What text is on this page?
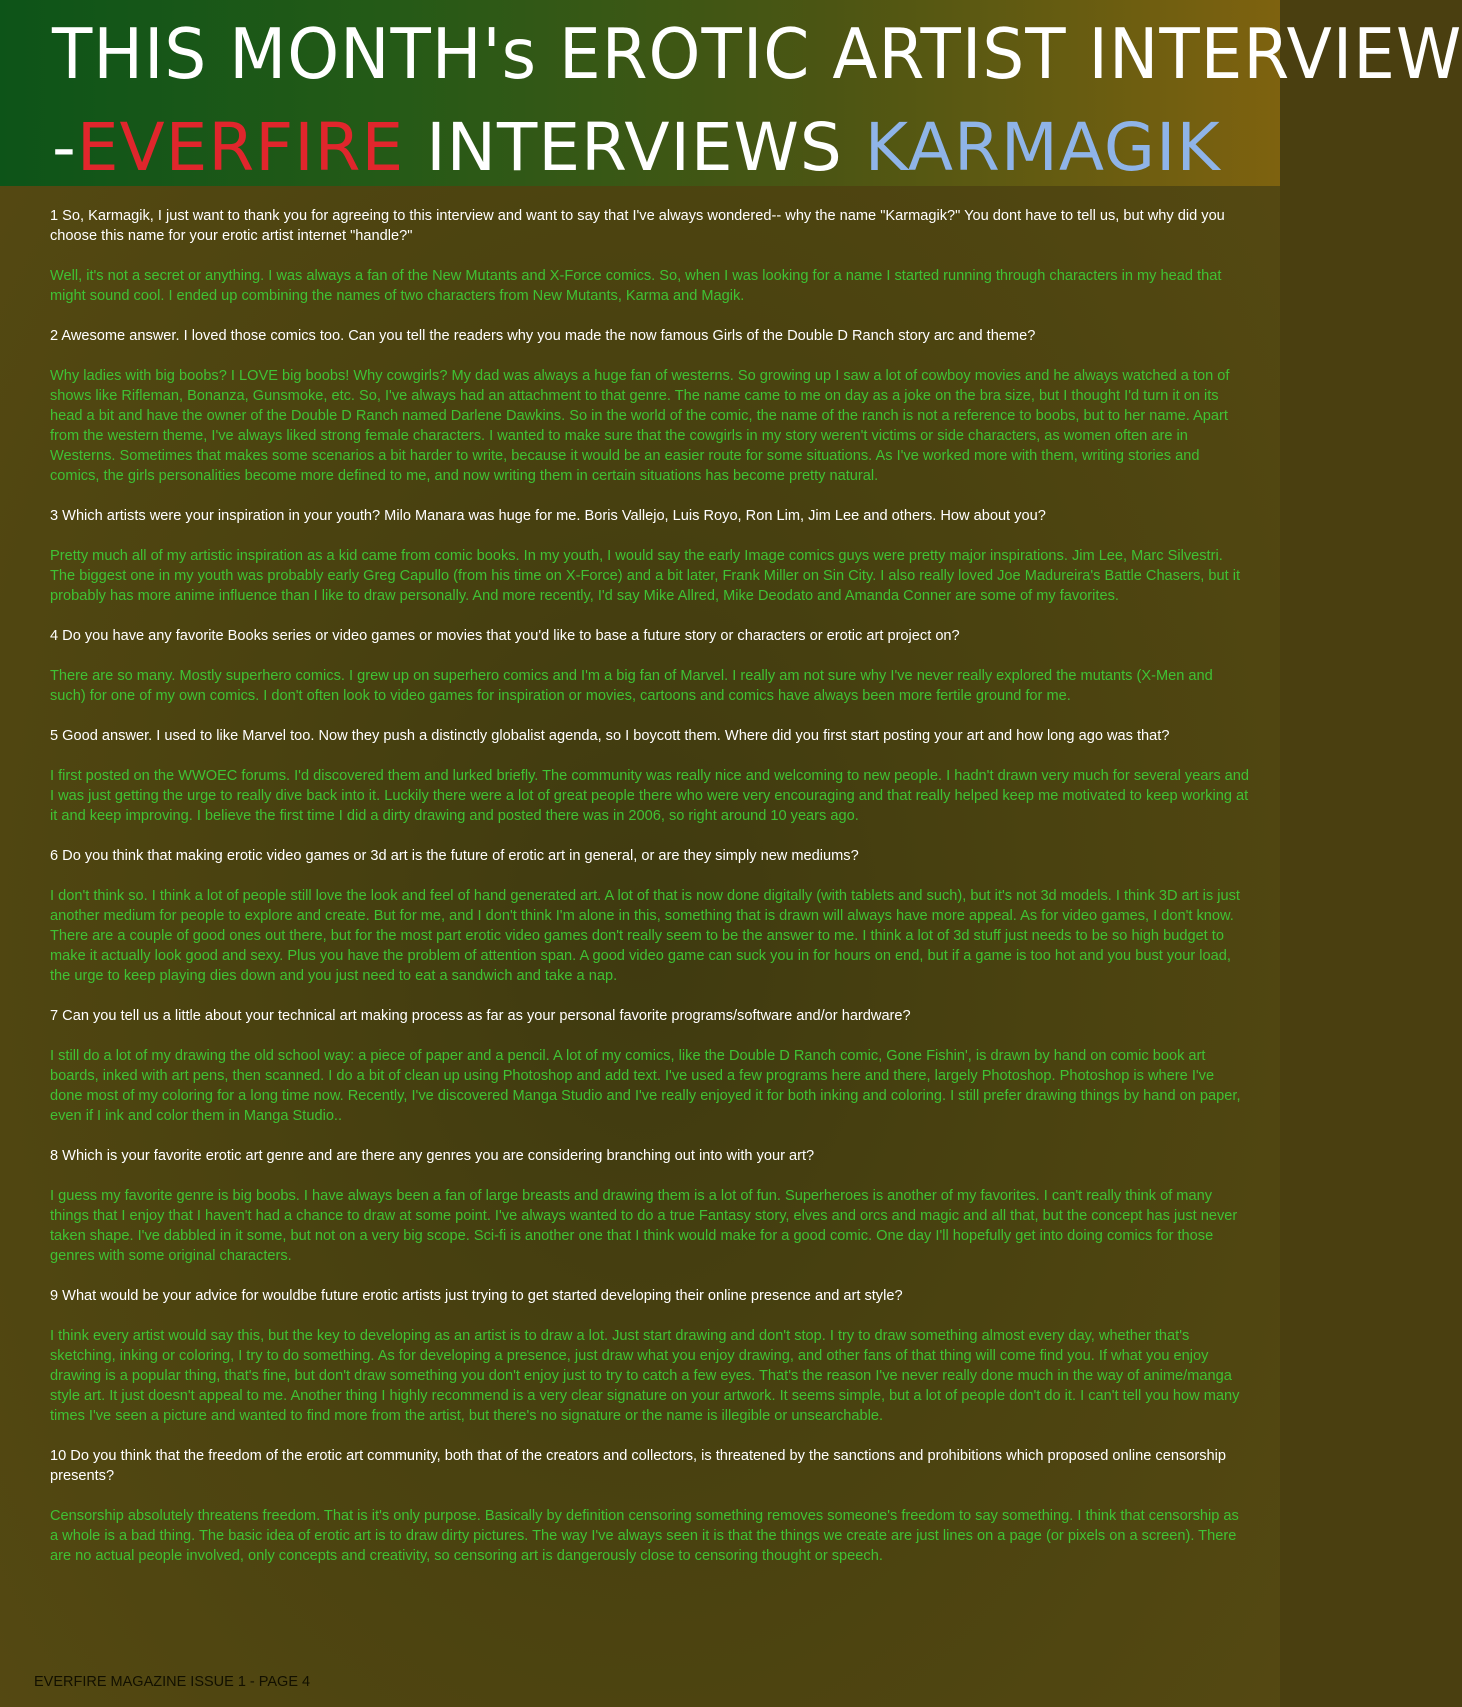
THIS MONTH's EROTIC ARTIST INTERVIEW
-EVERFIRE INTERVIEWS KARMAGIK

1 So, Karmagik, I just want to thank you for agreeing to this interview and want to say that I've always wondered-- why the name "Karmagik?" You dont have to tell us, but why did you choose this name for your erotic artist internet "handle?"

Well, it's not a secret or anything. I was always a fan of the New Mutants and X-Force comics. So, when I was looking for a name I started running through characters in my head that might sound cool. I ended up combining the names of two characters from New Mutants, Karma and Magik.

2 Awesome answer. I loved those comics too. Can you tell the readers why you made the now famous Girls of the Double D Ranch story arc and theme?

Why ladies with big boobs? I LOVE big boobs! Why cowgirls? My dad was always a huge fan of westerns. So growing up I saw a lot of cowboy movies and he always watched a ton of shows like Rifleman, Bonanza, Gunsmoke, etc. So, I've always had an attachment to that genre. The name came to me on day as a joke on the bra size, but I thought I'd turn it on its head a bit and have the owner of the Double D Ranch named Darlene Dawkins. So in the world of the comic, the name of the ranch is not a reference to boobs, but to her name. Apart from the western theme, I've always liked strong female characters. I wanted to make sure that the cowgirls in my story weren't victims or side characters, as women often are in Westerns. Sometimes that makes some scenarios a bit harder to write, because it would be an easier route for some situations. As I've worked more with them, writing stories and comics, the girls personalities become more defined to me, and now writing them in certain situations has become pretty natural.

3 Which artists were your inspiration in your youth? Milo Manara was huge for me. Boris Vallejo, Luis Royo, Ron Lim, Jim Lee and others. How about you?

Pretty much all of my artistic inspiration as a kid came from comic books. In my youth, I would say the early Image comics guys were pretty major inspirations. Jim Lee, Marc Silvestri. The biggest one in my youth was probably early Greg Capullo (from his time on X-Force) and a bit later, Frank Miller on Sin City. I also really loved Joe Madureira's Battle Chasers, but it probably has more anime influence than I like to draw personally. And more recently, I'd say Mike Allred, Mike Deodato and Amanda Conner are some of my favorites.

4 Do you have any favorite Books series or video games or movies that you'd like to base a future story or characters or erotic art project on?

There are so many. Mostly superhero comics. I grew up on superhero comics and I'm a big fan of Marvel. I really am not sure why I've never really explored the mutants (X-Men and such) for one of my own comics. I don't often look to video games for inspiration or movies, cartoons and comics have always been more fertile ground for me.

5 Good answer. I used to like Marvel too. Now they push a distinctly globalist agenda, so I boycott them. Where did you first start posting your art and how long ago was that?

I first posted on the WWOEC forums. I'd discovered them and lurked briefly. The community was really nice and welcoming to new people. I hadn't drawn very much for several years and I was just getting the urge to really dive back into it. Luckily there were a lot of great people there who were very encouraging and that really helped keep me motivated to keep working at it and keep improving. I believe the first time I did a dirty drawing and posted there was in 2006, so right around 10 years ago.

6 Do you think that making erotic video games or 3d art is the future of erotic art in general, or are they simply new mediums?

I don't think so. I think a lot of people still love the look and feel of hand generated art. A lot of that is now done digitally (with tablets and such), but it's not 3d models. I think 3D art is just another medium for people to explore and create. But for me, and I don't think I'm alone in this, something that is drawn will always have more appeal. As for video games, I don't know. There are a couple of good ones out there, but for the most part erotic video games don't really seem to be the answer to me. I think a lot of 3d stuff just needs to be so high budget to make it actually look good and sexy. Plus you have the problem of attention span. A good video game can suck you in for hours on end, but if a game is too hot and you bust your load, the urge to keep playing dies down and you just need to eat a sandwich and take a nap.

7 Can you tell us a little about your technical art making process as far as your personal favorite programs/software and/or hardware?

I still do a lot of my drawing the old school way: a piece of paper and a pencil. A lot of my comics, like the Double D Ranch comic, Gone Fishin', is drawn by hand on comic book art boards, inked with art pens, then scanned. I do a bit of clean up using Photoshop and add text. I've used a few programs here and there, largely Photoshop. Photoshop is where I've done most of my coloring for a long time now. Recently, I've discovered Manga Studio and I've really enjoyed it for both inking and coloring. I still prefer drawing things by hand on paper, even if I ink and color them in Manga Studio..

8 Which is your favorite erotic art genre and are there any genres you are considering branching out into with your art?

I guess my favorite genre is big boobs. I have always been a fan of large breasts and drawing them is a lot of fun. Superheroes is another of my favorites. I can't really think of many things that I enjoy that I haven't had a chance to draw at some point. I've always wanted to do a true Fantasy story, elves and orcs and magic and all that, but the concept has just never taken shape. I've dabbled in it some, but not on a very big scope. Sci-fi is another one that I think would make for a good comic. One day I'll hopefully get into doing comics for those genres with some original characters.

9 What would be your advice for wouldbe future erotic artists just trying to get started developing their online presence and art style?

I think every artist would say this, but the key to developing as an artist is to draw a lot. Just start drawing and don't stop. I try to draw something almost every day, whether that's sketching, inking or coloring, I try to do something. As for developing a presence, just draw what you enjoy drawing, and other fans of that thing will come find you. If what you enjoy drawing is a popular thing, that's fine, but don't draw something you don't enjoy just to try to catch a few eyes. That's the reason I've never really done much in the way of anime/manga style art. It just doesn't appeal to me. Another thing I highly recommend is a very clear signature on your artwork. It seems simple, but a lot of people don't do it. I can't tell you how many times I've seen a picture and wanted to find more from the artist, but there's no signature or the name is illegible or unsearchable.

10 Do you think that the freedom of the erotic art community, both that of the creators and collectors, is threatened by the sanctions and prohibitions which proposed online censorship presents?

Censorship absolutely threatens freedom. That is it's only purpose. Basically by definition censoring something removes someone's freedom to say something. I think that censorship as a whole is a bad thing. The basic idea of erotic art is to draw dirty pictures. The way I've always seen it is that the things we create are just lines on a page (or pixels on a screen). There are no actual people involved, only concepts and creativity, so censoring art is dangerously close to censoring thought or speech.

EVERFIRE MAGAZINE ISSUE 1 - PAGE 4
